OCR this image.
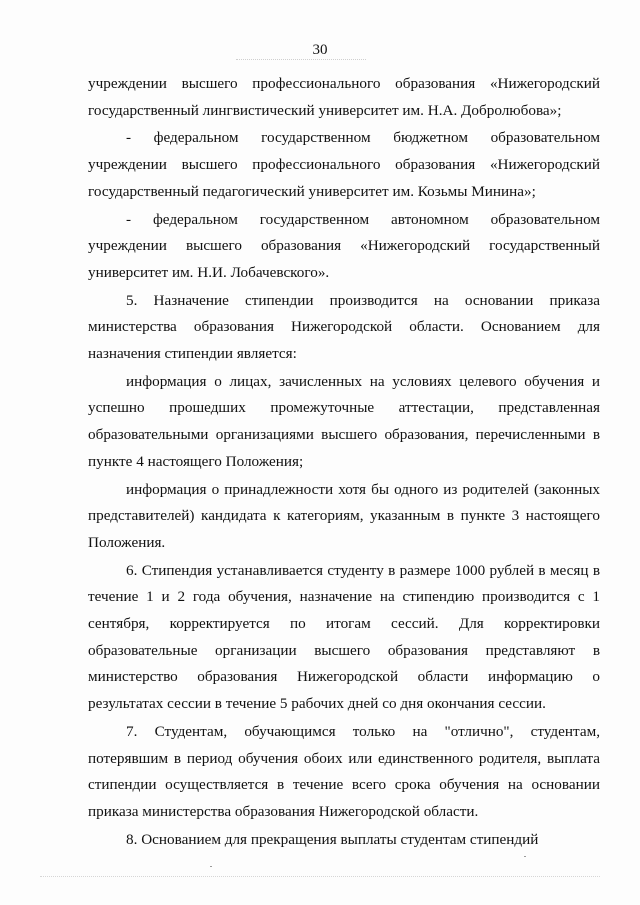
30

учреждении высшего профессионального образования «Нижегородский государственный лингвистический университет им. Н.А. Добролюбова»;

- федеральном государственном бюджетном образовательном учреждении высшего профессионального образования «Нижегородский государственный педагогический университет им. Козьмы Минина»;

- федеральном государственном автономном образовательном учреждении высшего образования «Нижегородский государственный университет им. Н.И. Лобачевского».

5. Назначение стипендии производится на основании приказа министерства образования Нижегородской области. Основанием для назначения стипендии является:

информация о лицах, зачисленных на условиях целевого обучения и успешно прошедших промежуточные аттестации, представленная образовательными организациями высшего образования, перечисленными в пункте 4 настоящего Положения;

информация о принадлежности хотя бы одного из родителей (законных представителей) кандидата к категориям, указанным в пункте 3 настоящего Положения.

6. Стипендия устанавливается студенту в размере 1000 рублей в месяц в течение 1 и 2 года обучения, назначение на стипендию производится с 1 сентября, корректируется по итогам сессий. Для корректировки образовательные организации высшего образования представляют в министерство образования Нижегородской области информацию о результатах сессии в течение 5 рабочих дней со дня окончания сессии.

7. Студентам, обучающимся только на "отлично", студентам, потерявшим в период обучения обоих или единственного родителя, выплата стипендии осуществляется в течение всего срока обучения на основании приказа министерства образования Нижегородской области.

8. Основанием для прекращения выплаты студентам стипендий
